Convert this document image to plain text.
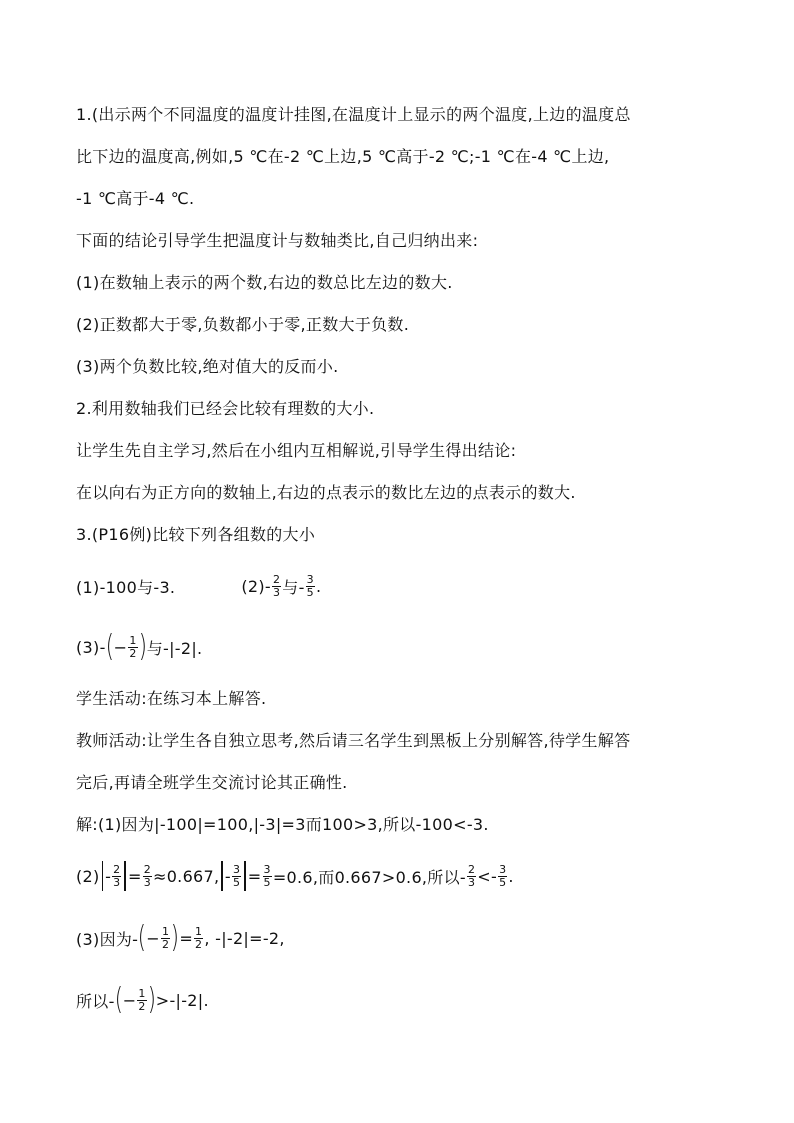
1.(出示两个不同温度的温度计挂图,在温度计上显示的两个温度,上边的温度总
比下边的温度高,例如,5 ℃在-2 ℃上边,5 ℃高于-2 ℃;-1 ℃在-4 ℃上边,
-1 ℃高于-4 ℃.
下面的结论引导学生把温度计与数轴类比,自己归纳出来:
(1)在数轴上表示的两个数,右边的数总比左边的数大.
(2)正数都大于零,负数都小于零,正数大于负数.
(3)两个负数比较,绝对值大的反而小.
2.利用数轴我们已经会比较有理数的大小.
让学生先自主学习,然后在小组内互相解说,引导学生得出结论:
在以向右为正方向的数轴上,右边的点表示的数比左边的点表示的数大.
3.(P16例)比较下列各组数的大小
(1)-100与-3.	$(2)- \frac{2}{3}$ 与- $\frac{3}{5}$ .
(3)- ( − $\frac{1}{2}$ ) 与-|-2|.
学生活动:在练习本上解答.
教师活动:让学生各自独立思考,然后请三名学生到黑板上分别解答,待学生解答
完后,再请全班学生交流讨论其正确性.
解:(1)因为|-100|=100,|-3|=3而100>3,所以-100<-3.
$(2) - \frac{2}{3} = \frac{2}{3} \approx 0.667$, - $\frac{3}{5} = \frac{3}{5} =0.6$,而0.667>0.6,所以- $\frac{2}{3} <- \frac{3}{5}$ .
(3)因为- ( − $\frac{1}{2}$ ) = $\frac{1}{2}$ , -|-2|=-2,
所以- ( − $\frac{1}{2}$ ) >-|-2|.
